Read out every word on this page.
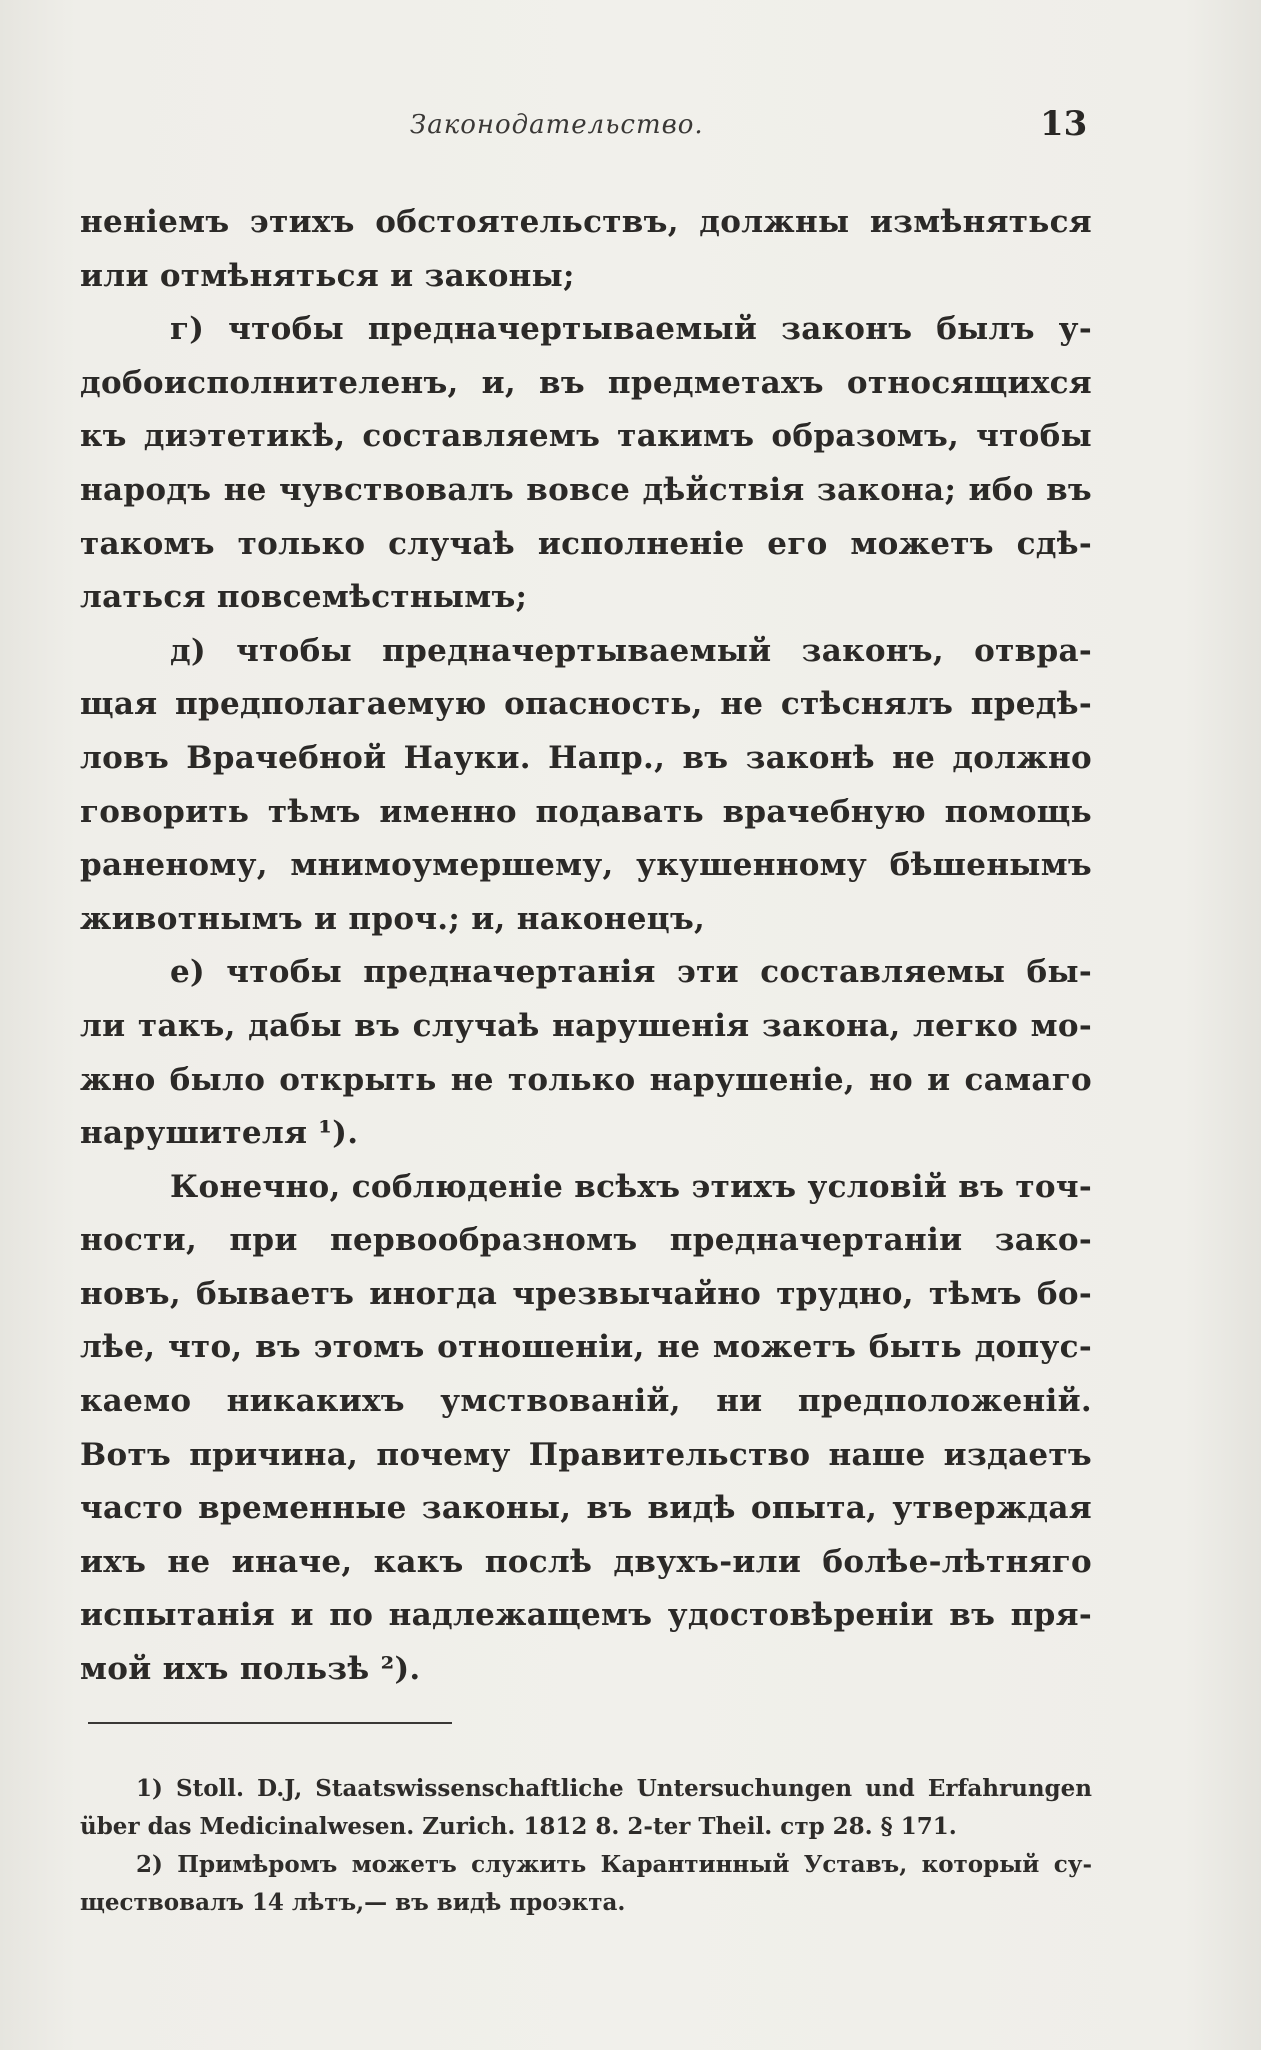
Законодательство.	13
неніемъ этихъ обстоятельствъ, должны измѣняться
или отмѣняться и законы;
г) чтобы предначертываемый законъ былъ у-
добоисполнителенъ, и, въ предметахъ относящихся
къ диэтетикѣ, составляемъ такимъ образомъ, чтобы
народъ не чувствовалъ вовсе дѣйствія закона; ибо въ
такомъ только случаѣ исполненіе его можетъ сдѣ-
латься повсемѣстнымъ;
д) чтобы предначертываемый законъ, отвра-
щая предполагаемую опасность, не стѣснялъ предѣ-
ловъ Врачебной Науки. Напр., въ законѣ не должно
говорить тѣмъ именно подавать врачебную помощь
раненому, мнимоумершему, укушенному бѣшенымъ
животнымъ и проч.; и, наконецъ,
е) чтобы предначертанія эти составляемы бы-
ли такъ, дабы въ случаѣ нарушенія закона, легко мо-
жно было открыть не только нарушеніе, но и самаго
нарушителя ¹).
Конечно, соблюденіе всѣхъ этихъ условій въ точ-
ности, при первообразномъ предначертаніи зако-
новъ, бываетъ иногда чрезвычайно трудно, тѣмъ бо-
лѣе, что, въ этомъ отношеніи, не можетъ быть допус-
каемо никакихъ умствованій, ни предположеній.
Вотъ причина, почему Правительство наше издаетъ
часто временные законы, въ видѣ опыта, утверждая
ихъ не иначе, какъ послѣ двухъ-или болѣе-лѣтняго
испытанія и по надлежащемъ удостовѣреніи въ пря-
мой ихъ пользѣ ²).
1) Stoll. D.J, Staatswissenschaftliche Untersuchungen und Erfahrungen
über das Medicinalwesen. Zurich. 1812 8. 2-ter Theil. стр 28. § 171.
2) Примѣромъ можетъ служить Карантинный Уставъ, который су-
ществовалъ 14 лѣтъ,— въ видѣ проэкта.
